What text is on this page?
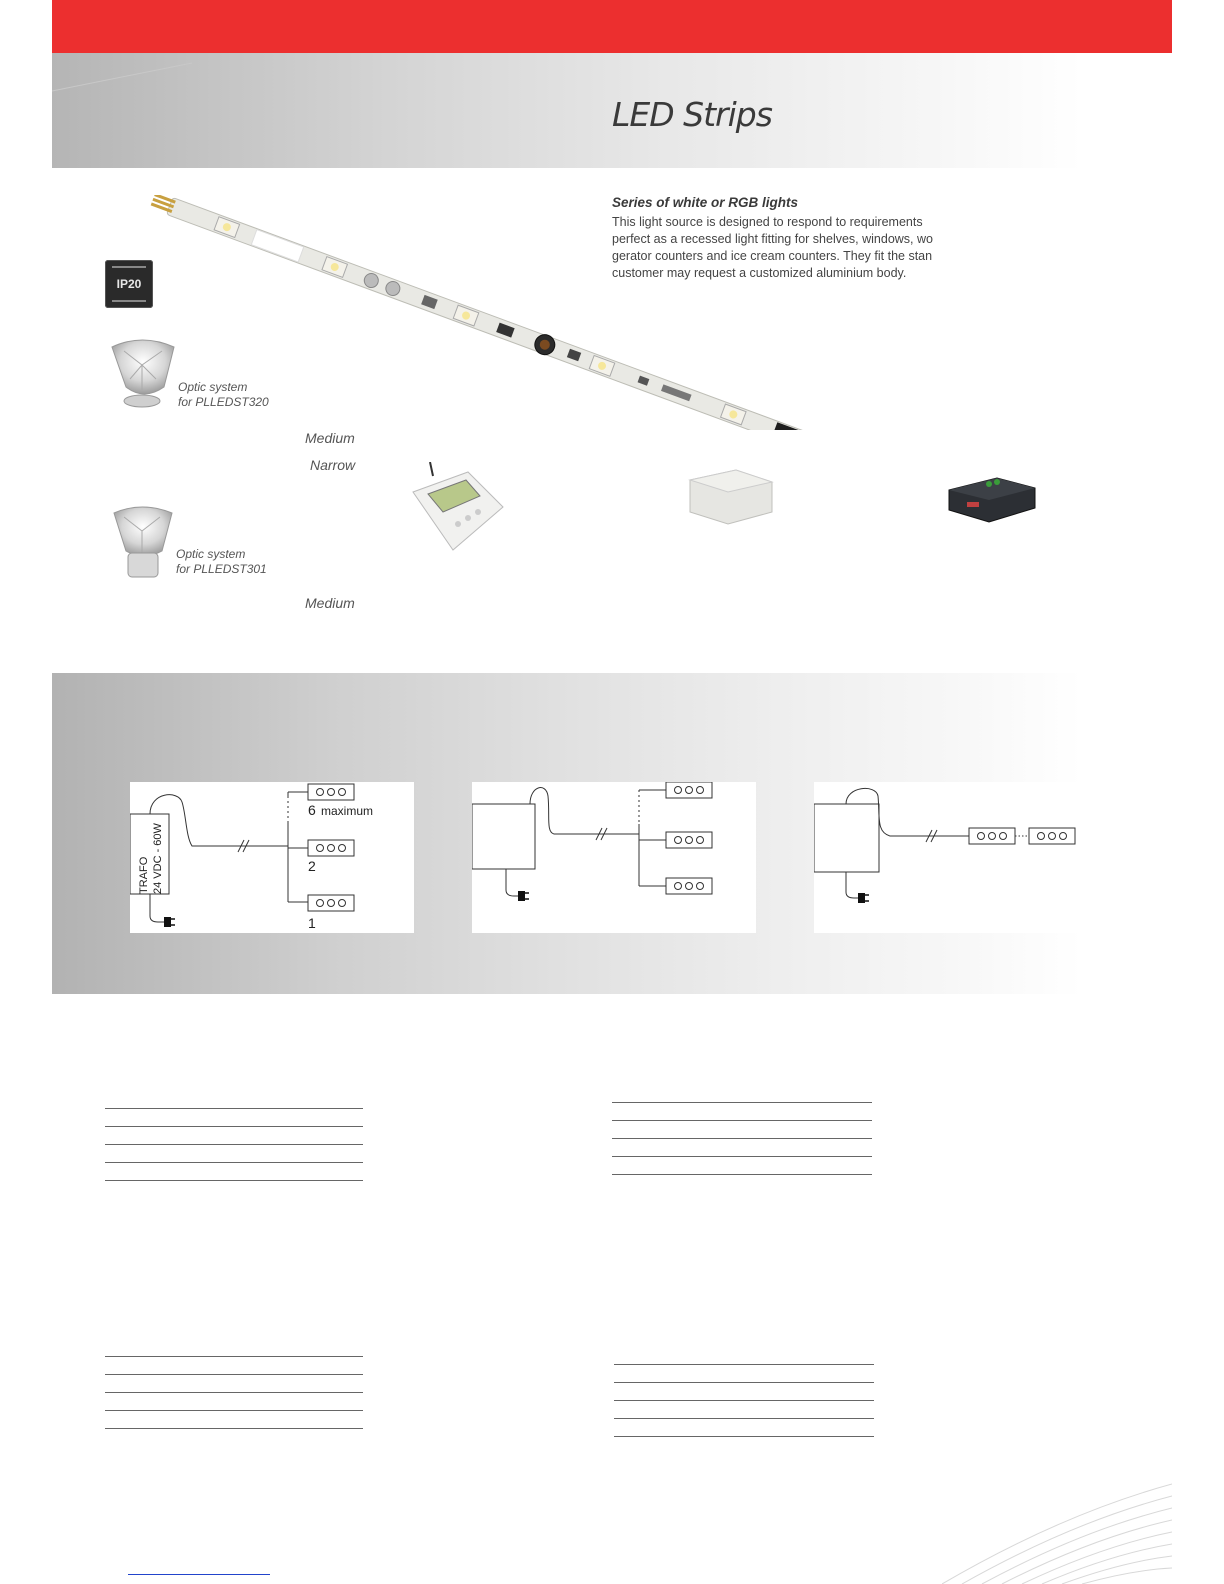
LED Strips
Series of white or RGB lights
This light source is designed to respond to requirements
perfect as a recessed light fitting for shelves, windows, wo
gerator counters and ice cream counters. They fit the stan
customer may request a customized aluminium body.
IP20
Optic system
for PLLEDST320
Medium
Narrow
Optic system
for PLLEDST301
Medium
TRAFO 24 VDC - 60W
6 maximum
2
1
